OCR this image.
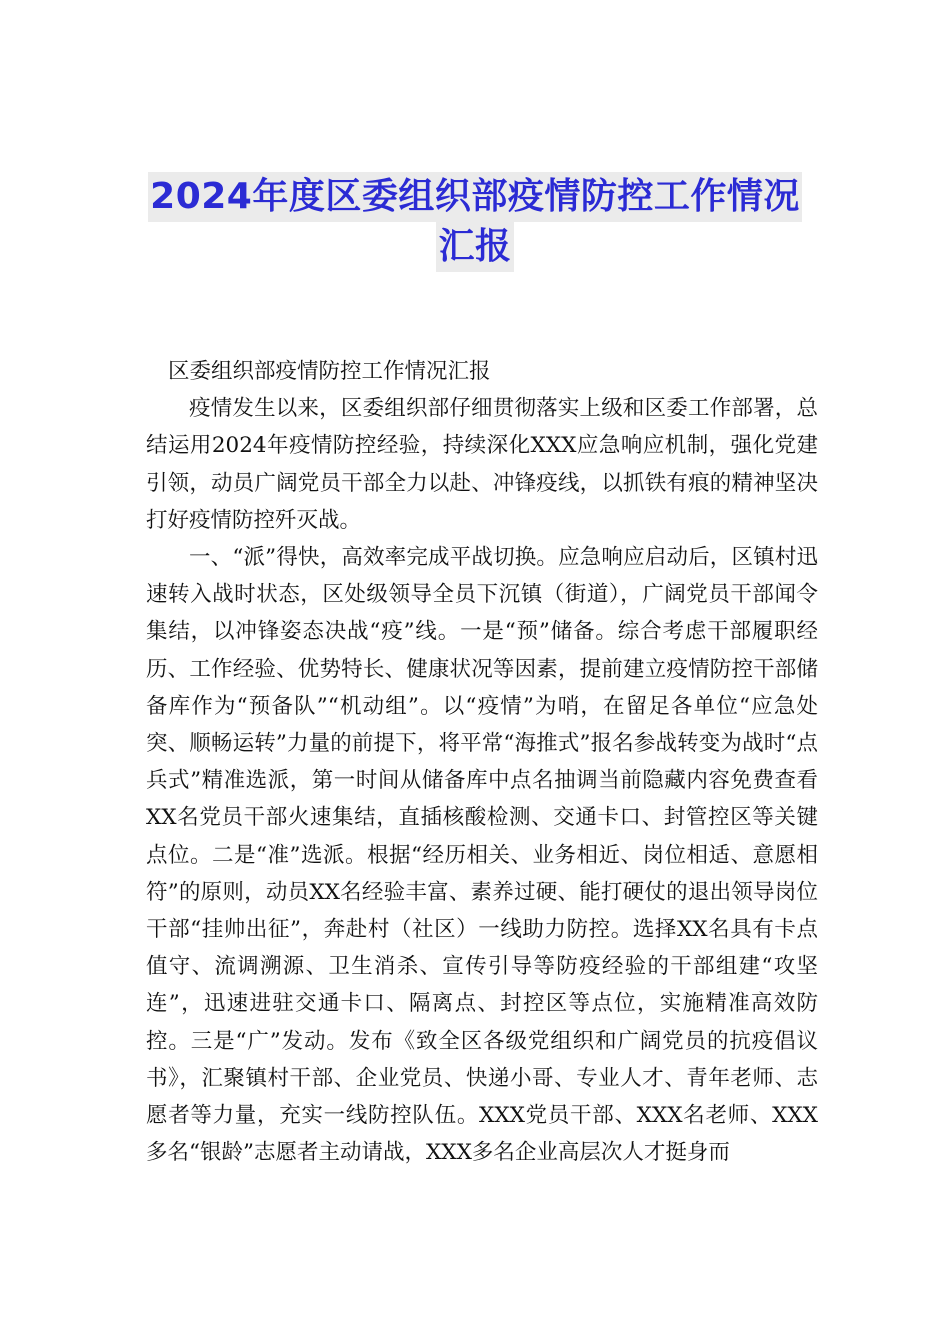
2024年度区委组织部疫情防控工作情况
汇报

区委组织部疫情防控工作情况汇报

疫情发生以来，区委组织部仔细贯彻落实上级和区委工作部署，总结运用2024年疫情防控经验，持续深化XXX应急响应机制，强化党建引领，动员广阔党员干部全力以赴、冲锋疫线，以抓铁有痕的精神坚决打好疫情防控歼灭战。

一、“派”得快，高效率完成平战切换。应急响应启动后，区镇村迅速转入战时状态，区处级领导全员下沉镇（街道），广阔党员干部闻令集结，以冲锋姿态决战“疫”线。一是“预”储备。综合考虑干部履职经历、工作经验、优势特长、健康状况等因素，提前建立疫情防控干部储备库作为“预备队”“机动组”。以“疫情”为哨，在留足各单位“应急处突、顺畅运转”力量的前提下，将平常“海推式”报名参战转变为战时“点兵式”精准选派，第一时间从储备库中点名抽调当前隐藏内容免费查看XX名党员干部火速集结，直插核酸检测、交通卡口、封管控区等关键点位。二是“准”选派。根据“经历相关、业务相近、岗位相适、意愿相符”的原则，动员XX名经验丰富、素养过硬、能打硬仗的退出领导岗位干部“挂帅出征”，奔赴村（社区）一线助力防控。选择XX名具有卡点值守、流调溯源、卫生消杀、宣传引导等防疫经验的干部组建“攻坚连”，迅速进驻交通卡口、隔离点、封控区等点位，实施精准高效防控。三是“广”发动。发布《致全区各级党组织和广阔党员的抗疫倡议书》，汇聚镇村干部、企业党员、快递小哥、专业人才、青年老师、志愿者等力量，充实一线防控队伍。XXX党员干部、XXX名老师、XXX多名“银龄”志愿者主动请战，XXX多名企业高层次人才挺身而
